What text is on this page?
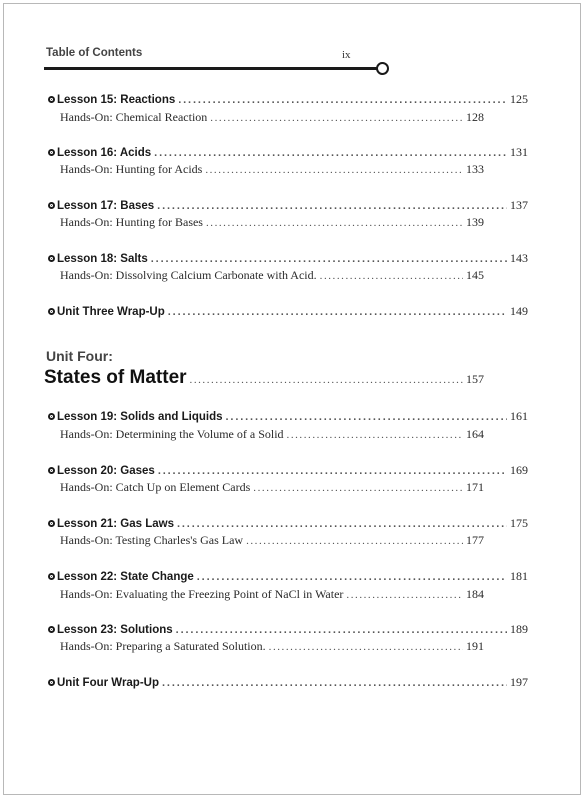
Table of Contents	ix
Lesson 15: Reactions . . .	125
Hands-On: Chemical Reaction . . .	128
Lesson 16: Acids . . .	131
Hands-On: Hunting for Acids . . .	133
Lesson 17: Bases . . .	137
Hands-On: Hunting for Bases . . .	139
Lesson 18: Salts . . .	143
Hands-On: Dissolving Calcium Carbonate with Acid. . . .	145
Unit Three Wrap-Up . . .	149
Unit Four:
States of Matter . . .	157
Lesson 19: Solids and Liquids . . .	161
Hands-On: Determining the Volume of a Solid . . .	164
Lesson 20: Gases . . .	169
Hands-On: Catch Up on Element Cards . . .	171
Lesson 21: Gas Laws . . .	175
Hands-On: Testing Charles's Gas Law . . .	177
Lesson 22: State Change . . .	181
Hands-On: Evaluating the Freezing Point of NaCl in Water . . .	184
Lesson 23: Solutions . . .	189
Hands-On: Preparing a Saturated Solution. . . .	191
Unit Four Wrap-Up . . .	197
